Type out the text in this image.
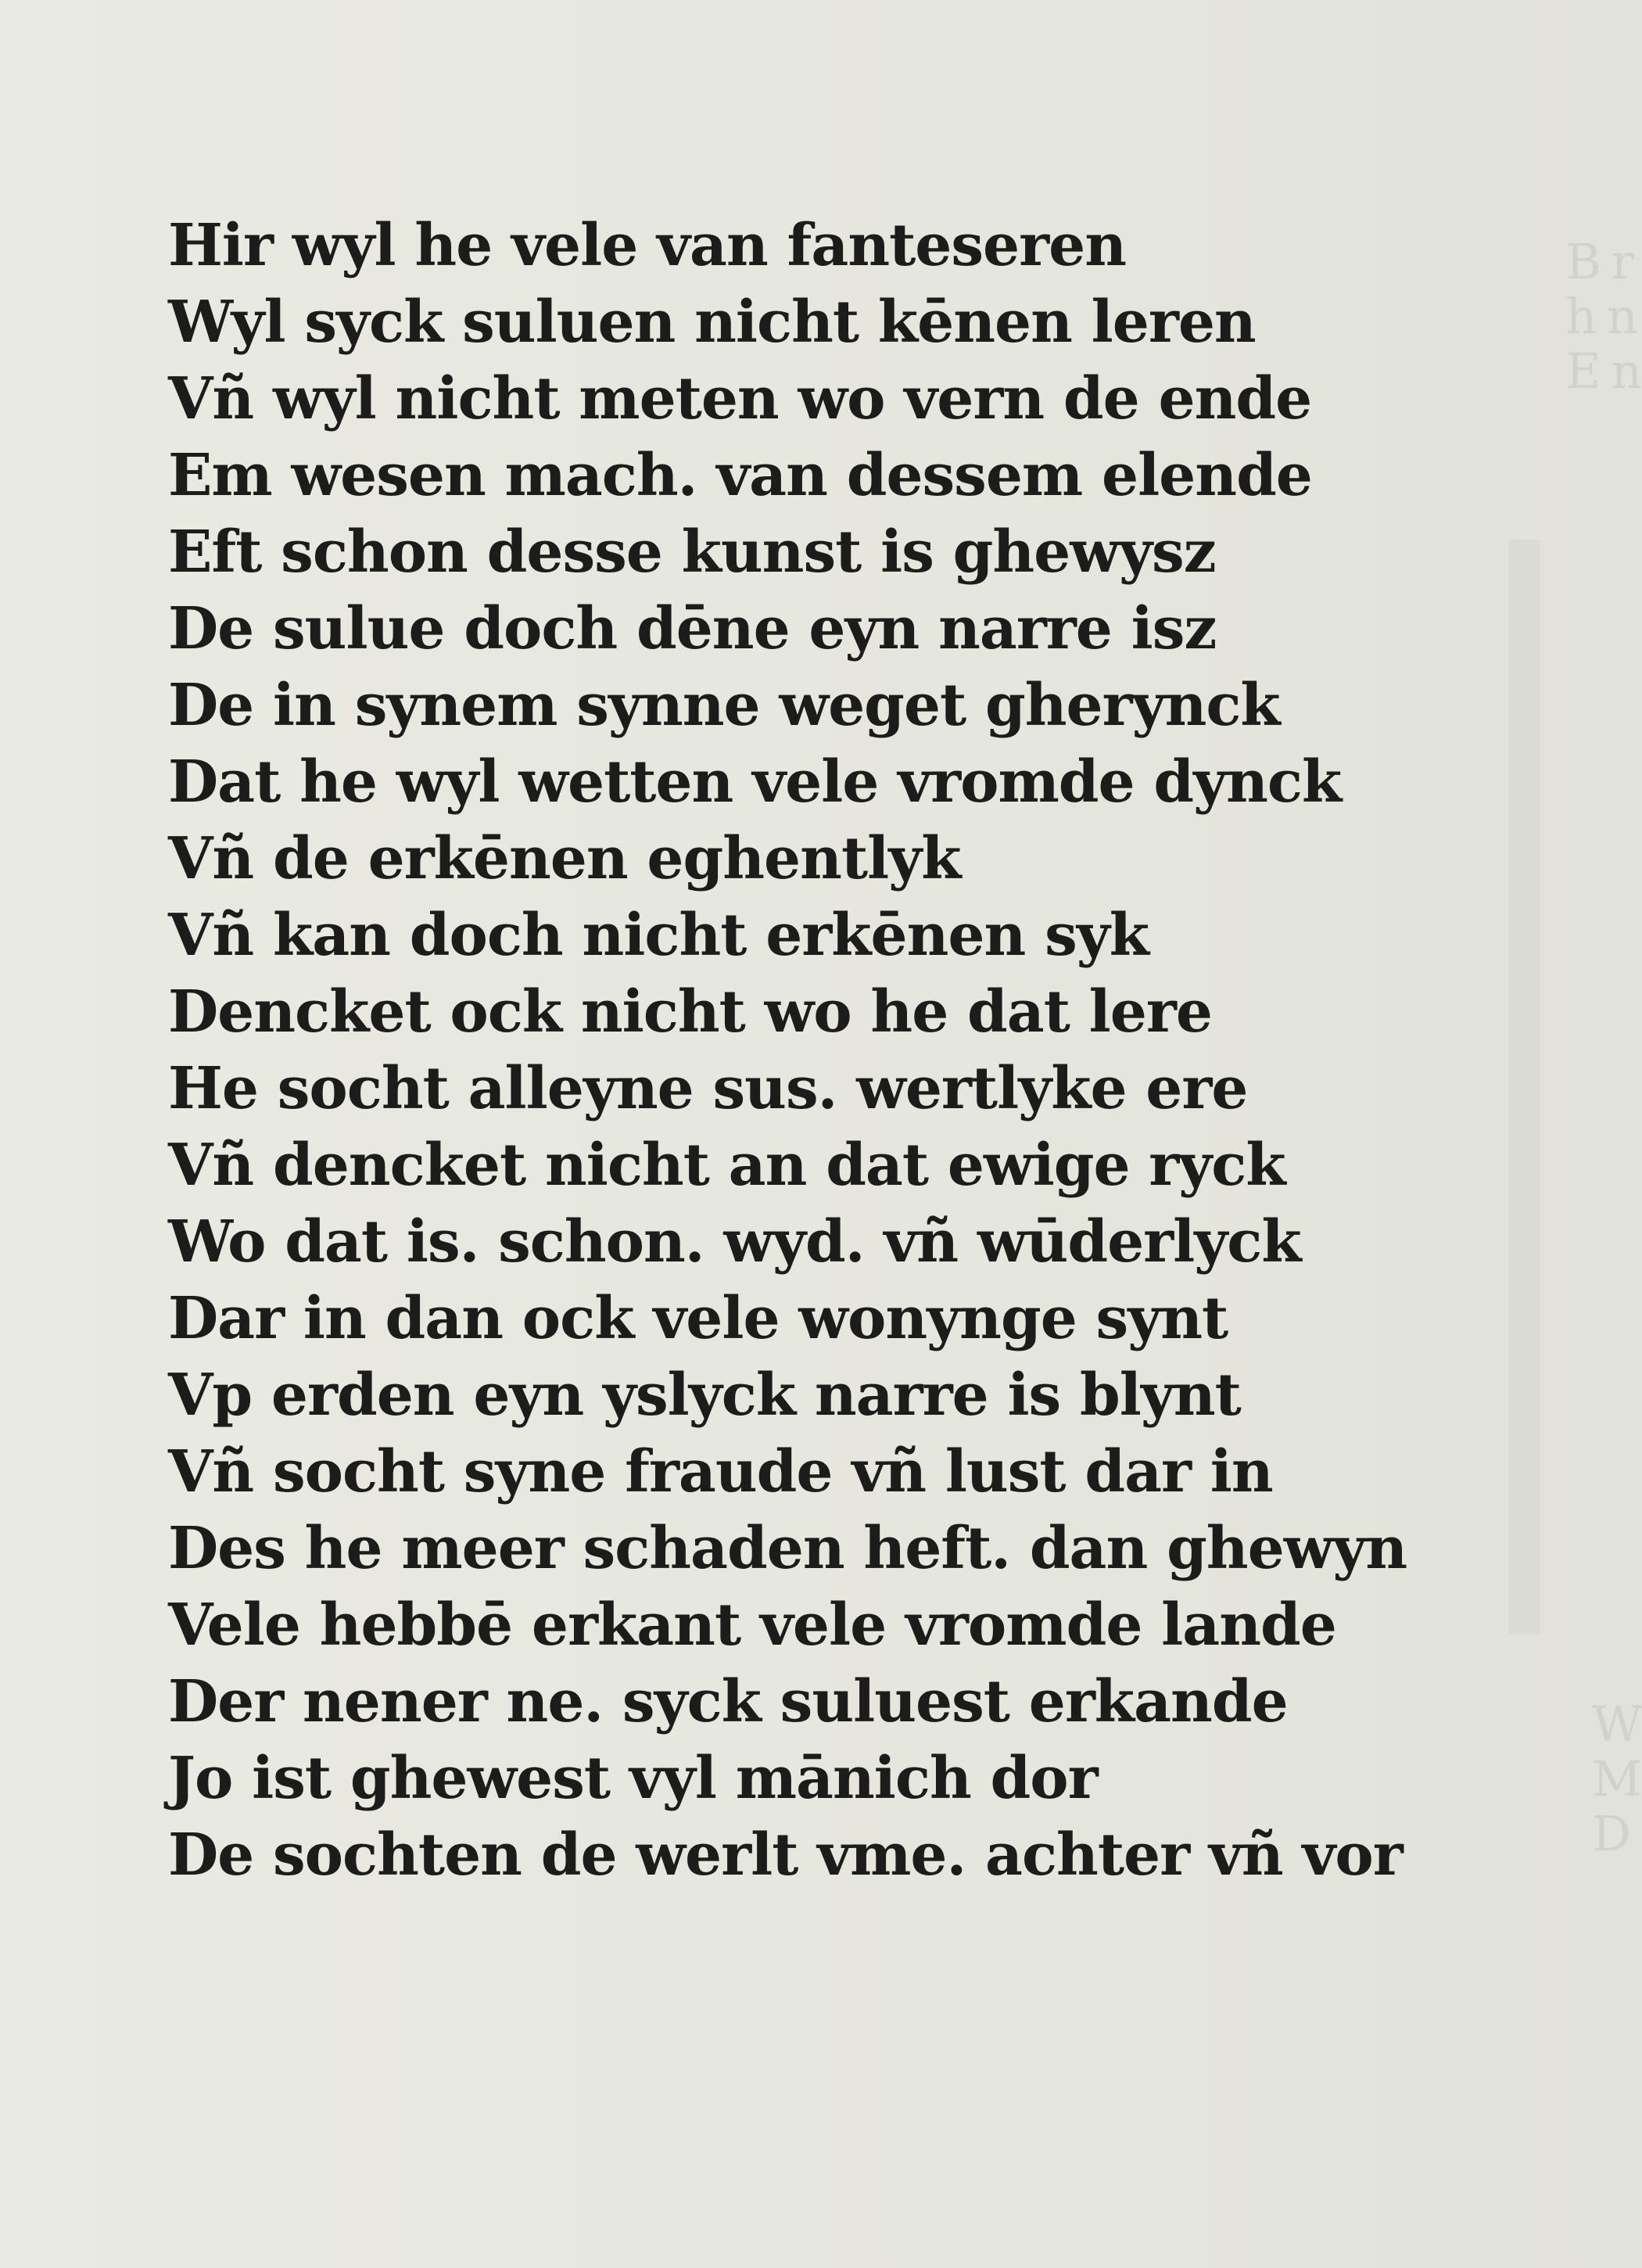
B r
h n
E n
W
M
D
Hir wyl he vele van fanteseren
Wyl syck suluen nicht kēnen leren
Vñ wyl nicht meten wo vern de ende
Em wesen mach. van dessem elende
Eft schon desse kunst is ghewysz
De sulue doch dēne eyn narre isz
De in synem synne weget gherynck
Dat he wyl wetten vele vromde dynck
Vñ de erkēnen eghentlyk
Vñ kan doch nicht erkēnen syk
Dencket ock nicht wo he dat lere
He socht alleyne sus. wertlyke ere
Vñ dencket nicht an dat ewige ryck
Wo dat is. schon. wyd. vñ wūderlyck
Dar in dan ock vele wonynge synt
Vp erden eyn yslyck narre is blynt
Vñ socht syne fraude vñ lust dar in
Des he meer schaden heft. dan ghewyn
Vele hebbē erkant vele vromde lande
Der nener ne. syck suluest erkande
Jo ist ghewest vyl mānich dor
De sochten de werlt vme. achter vñ vor
